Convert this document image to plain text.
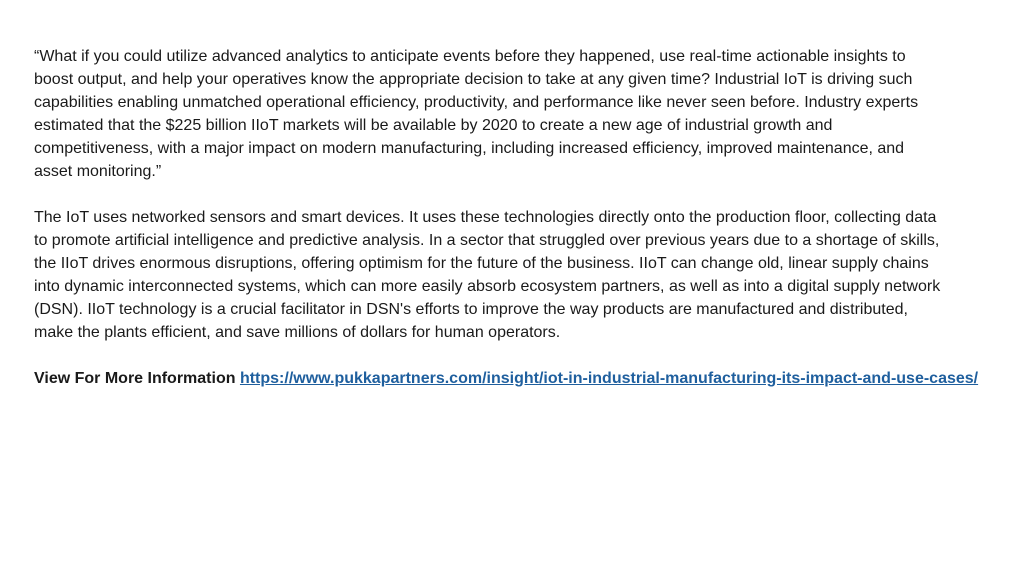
“What if you could utilize advanced analytics to anticipate events before they happened, use real-time actionable insights to
boost output, and help your operatives know the appropriate decision to take at any given time? Industrial IoT is driving such
capabilities enabling unmatched operational efficiency, productivity, and performance like never seen before. Industry experts
estimated that the $225 billion IIoT markets will be available by 2020 to create a new age of industrial growth and
competitiveness, with a major impact on modern manufacturing, including increased efficiency, improved maintenance, and
asset monitoring.”
The IoT uses networked sensors and smart devices. It uses these technologies directly onto the production floor, collecting data
to promote artificial intelligence and predictive analysis. In a sector that struggled over previous years due to a shortage of skills,
the IIoT drives enormous disruptions, offering optimism for the future of the business. IIoT can change old, linear supply chains
into dynamic interconnected systems, which can more easily absorb ecosystem partners, as well as into a digital supply network
(DSN). IIoT technology is a crucial facilitator in DSN's efforts to improve the way products are manufactured and distributed,
make the plants efficient, and save millions of dollars for human operators.
View For More Information https://www.pukkapartners.com/insight/iot-in-industrial-manufacturing-its-impact-and-use-cases/
